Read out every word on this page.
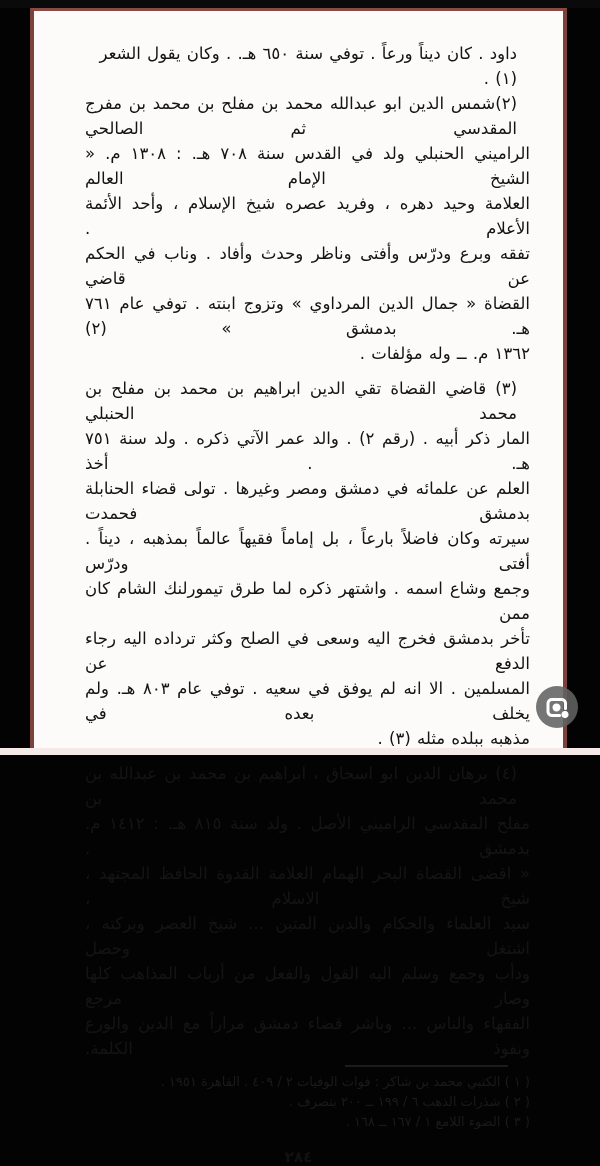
داود . كان ديناً ورعاً . توفي سنة ٦٥٠ هـ. . وكان يقول الشعر (١) .
(٢)شمس الدين ابو عبدالله محمد بن مفلح بن محمد بن مفرج المقدسي ثم الصالحي
الراميني الحنبلي ولد في القدس سنة ٧٠٨ هـ. : ١٣٠٨ م. « الشيخ الإمام العالم
العلامة وحيد دهره ، وفريد عصره شيخ الإسلام ، وأحد الأئمة الأعلام .
تفقه وبرع ودرّس وأفتى وناظر وحدث وأفاد . وناب في الحكم عن قاضي
القضاة « جمال الدين المرداوي » وتزوج ابنته . توفي عام ٧٦١ هـ. بدمشق » (٢)
١٣٦٢ م. ــ وله مؤلفات .
(٣) قاضي القضاة تقي الدين ابراهيم بن محمد بن مفلح بن محمد الحنبلي
المار ذكر أبيه . (رقم ٢) . والد عمر الآتي ذكره . ولد سنة ٧٥١ هـ. . أخذ
العلم عن علمائه في دمشق ومصر وغيرها . تولى قضاء الحنابلة بدمشق فحمدت
سيرته وكان فاضلاً بارعاً ، بل إماماً فقيهاً عالماً بمذهبه ، ديناً . أفتى ودرّس
وجمع وشاع اسمه . واشتهر ذكره لما طرق تيمورلنك الشام كان ممن
تأخر بدمشق فخرج اليه وسعى في الصلح وكثر ترداده اليه رجاء الدفع عن
المسلمين . الا انه لم يوفق في سعيه . توفي عام ٨٠٣ هـ. ولم يخلف بعده في
مذهبه ببلده مثله (٣) .
(٤) برهان الدين ابو اسحاق ، ابراهيم بن محمد بن عبدالله بن محمد بن
مفلح المقدسي الراميني الأصل . ولد سنة ٨١٥ هـ. : ١٤١٢ م. بدمشق .
« اقضى القضاة البحر الهمام العلامة القدوة الحافظ المجتهد ، شيخ الاسلام ،
سيد العلماء والحكام والدين المتين ... شيخ العصر وبركته ، اشتغل وحصل
ودأب وجمع وسلم اليه القول والفعل من أرباب المذاهب كلها وصار مرجع
الفقهاء والناس ... وباشر قضاء دمشق مراراً مع الدين والورع ونفوذ الكلمة.
( ١ ) الكتبي محمد بن شاكر : فوات الوفيات ٢ / ٤٠٩ . القاهرة ١٩٥١ .
( ٢ ) شذرات الذهب ٦ / ١٩٩ ــ ٢٠٠ بتصرف .
( ٣ ) الضوء اللامع ١ / ١٦٧ ــ ١٦٨ .
٢٨٤
